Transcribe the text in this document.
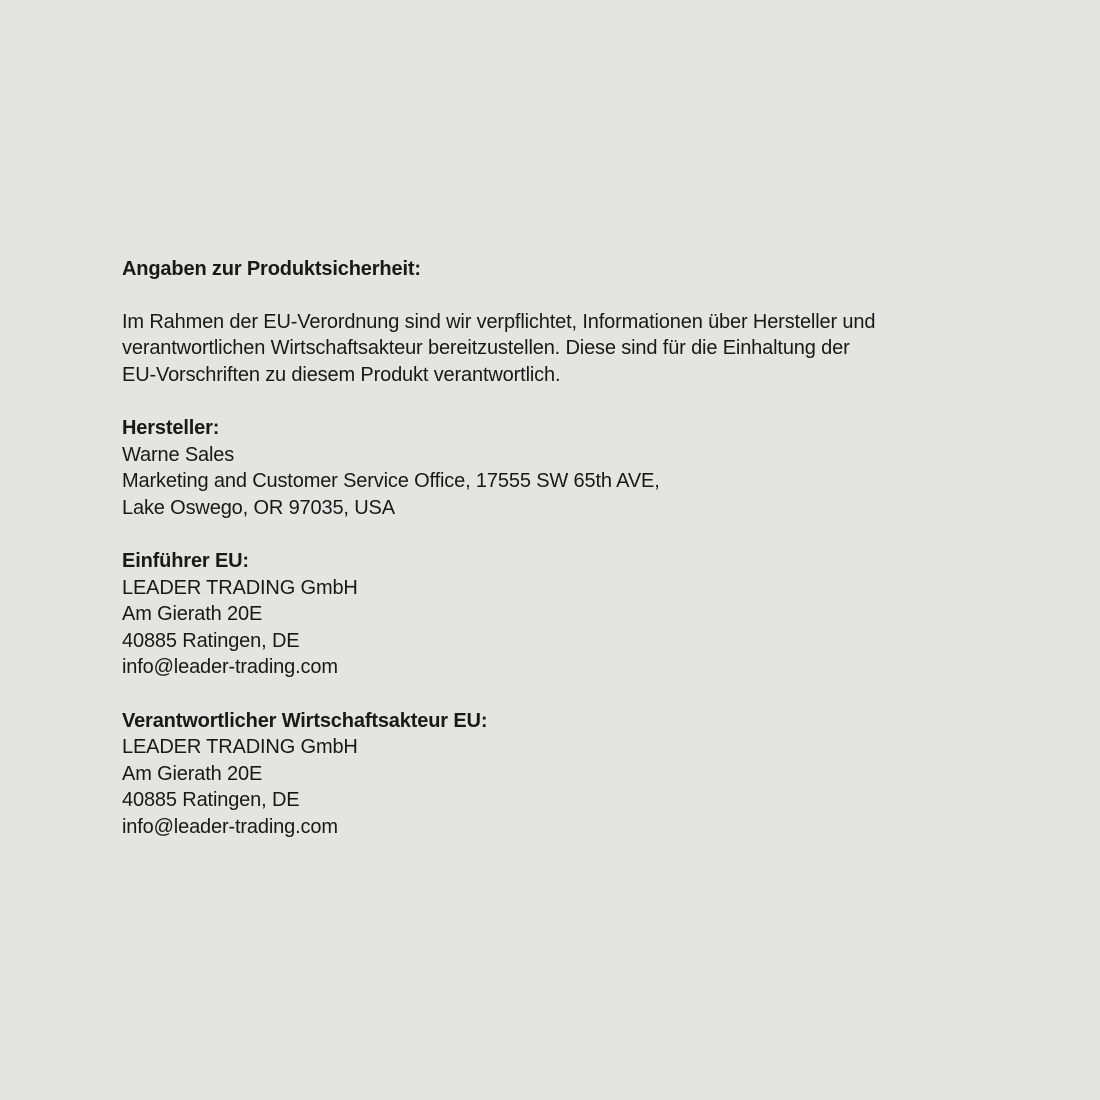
Angaben zur Produktsicherheit:
Im Rahmen der EU-Verordnung sind wir verpflichtet, Informationen über Hersteller und
verantwortlichen Wirtschaftsakteur bereitzustellen. Diese sind für die Einhaltung der
EU-Vorschriften zu diesem Produkt verantwortlich.
Hersteller:
Warne Sales
Marketing and Customer Service Office, 17555 SW 65th AVE,
Lake Oswego, OR 97035, USA
Einführer EU:
LEADER TRADING GmbH
Am Gierath 20E
40885 Ratingen, DE
info@leader-trading.com
Verantwortlicher Wirtschaftsakteur EU:
LEADER TRADING GmbH
Am Gierath 20E
40885 Ratingen, DE
info@leader-trading.com
